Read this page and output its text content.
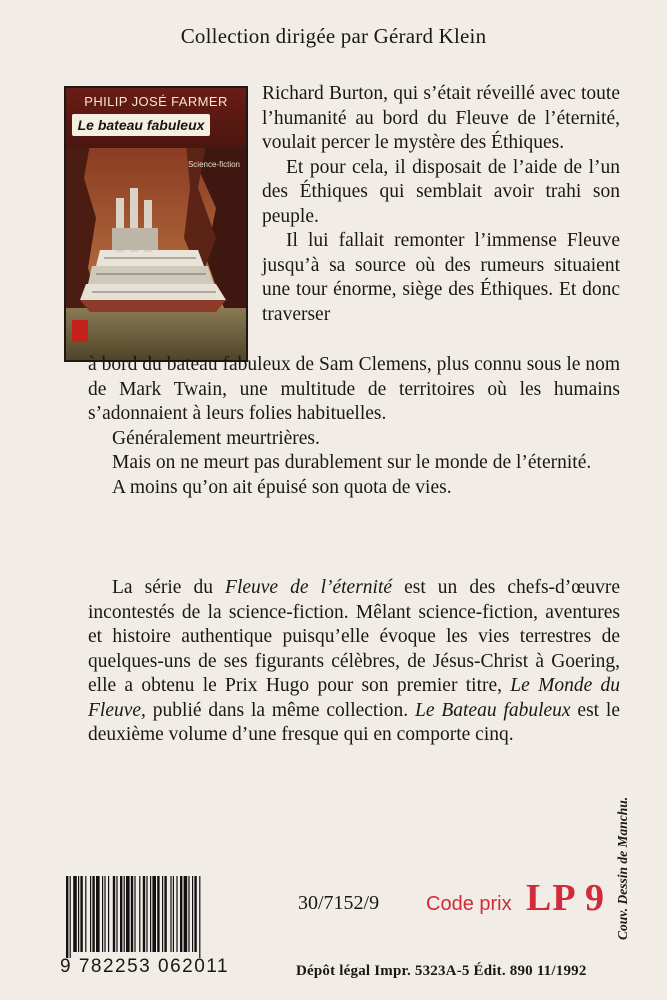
Collection dirigée par Gérard Klein
PHILIP JOSÉ FARMER
Le bateau fabuleux
Science-fiction

Richard Burton, qui s’était réveillé avec toute l’humanité au bord du Fleuve de l’éternité, voulait percer le mystère des Éthiques.

Et pour cela, il disposait de l’aide de l’un des Éthiques qui semblait avoir trahi son peuple.

Il lui fallait remonter l’immense Fleuve jusqu’à sa source où des rumeurs situaient une tour énorme, siège des Éthiques. Et donc traverser

à bord du bateau fabuleux de Sam Clemens, plus connu sous le nom de Mark Twain, une multitude de territoires où les humains s’adonnaient à leurs folies habituelles.

Généralement meurtrières.

Mais on ne meurt pas durablement sur le monde de l’éternité.

A moins qu’on ait épuisé son quota de vies.

La série du Fleuve de l’éternité est un des chefs-d’œuvre incontestés de la science-fiction. Mêlant science-fiction, aventures et histoire authentique puisqu’elle évoque les vies terrestres de quelques-uns de ses figurants célèbres, de Jésus-Christ à Goering, elle a obtenu le Prix Hugo pour son premier titre, Le Monde du Fleuve, publié dans la même collection. Le Bateau fabuleux est le deuxième volume d’une fresque qui en comporte cinq.

9 782253 062011
30/7152/9 Code prix LP 9
Dépôt légal Impr. 5323A-5 Édit. 890 11/1992
Couv. Dessin de Manchu.
